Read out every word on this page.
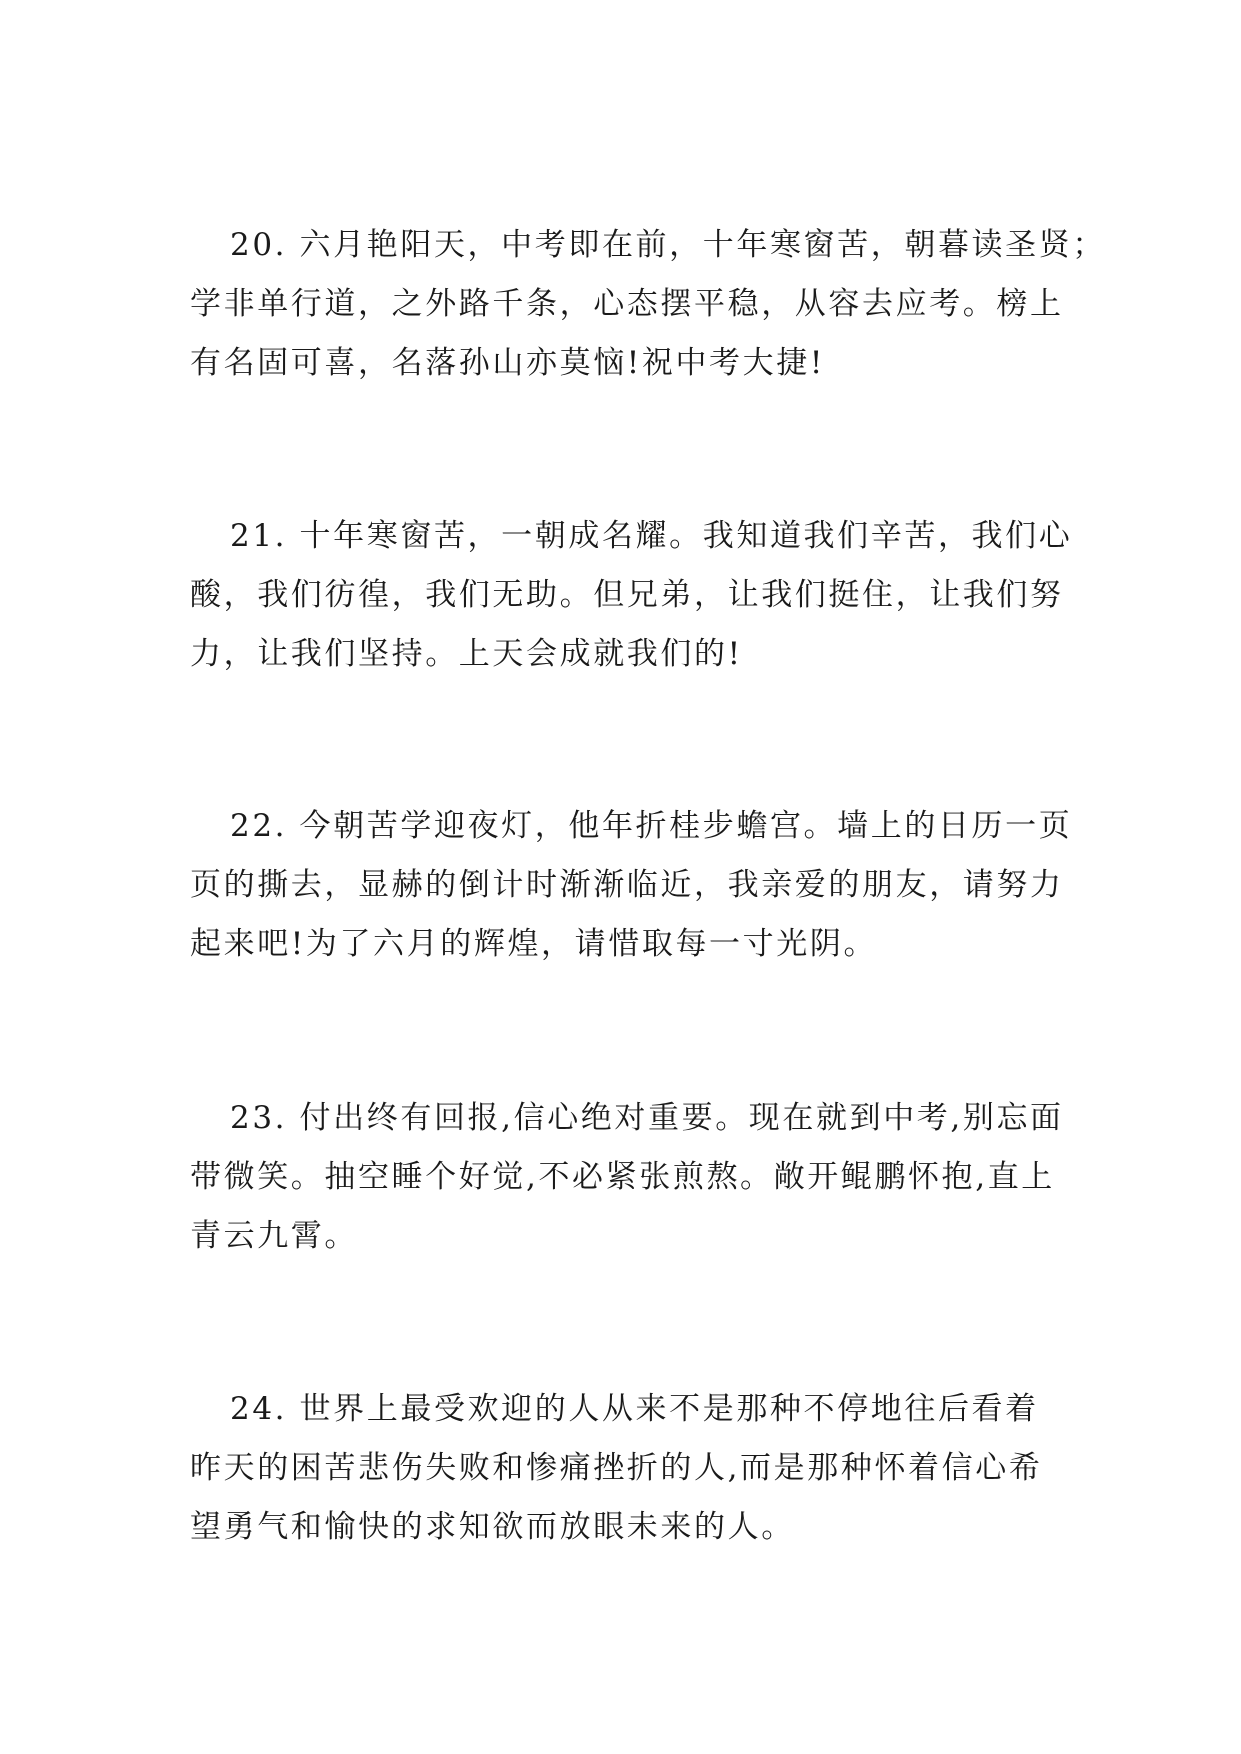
20. 六月艳阳天，中考即在前，十年寒窗苦，朝暮读圣贤；
学非单行道，之外路千条，心态摆平稳，从容去应考。榜上
有名固可喜，名落孙山亦莫恼!祝中考大捷!
21. 十年寒窗苦，一朝成名耀。我知道我们辛苦，我们心
酸，我们彷徨，我们无助。但兄弟，让我们挺住，让我们努
力，让我们坚持。上天会成就我们的!
22. 今朝苦学迎夜灯，他年折桂步蟾宫。墙上的日历一页
页的撕去，显赫的倒计时渐渐临近，我亲爱的朋友，请努力
起来吧!为了六月的辉煌，请惜取每一寸光阴。
23. 付出终有回报,信心绝对重要。现在就到中考,别忘面
带微笑。抽空睡个好觉,不必紧张煎熬。敞开鲲鹏怀抱,直上
青云九霄。
24. 世界上最受欢迎的人从来不是那种不停地往后看着
昨天的困苦悲伤失败和惨痛挫折的人,而是那种怀着信心希
望勇气和愉快的求知欲而放眼未来的人。
